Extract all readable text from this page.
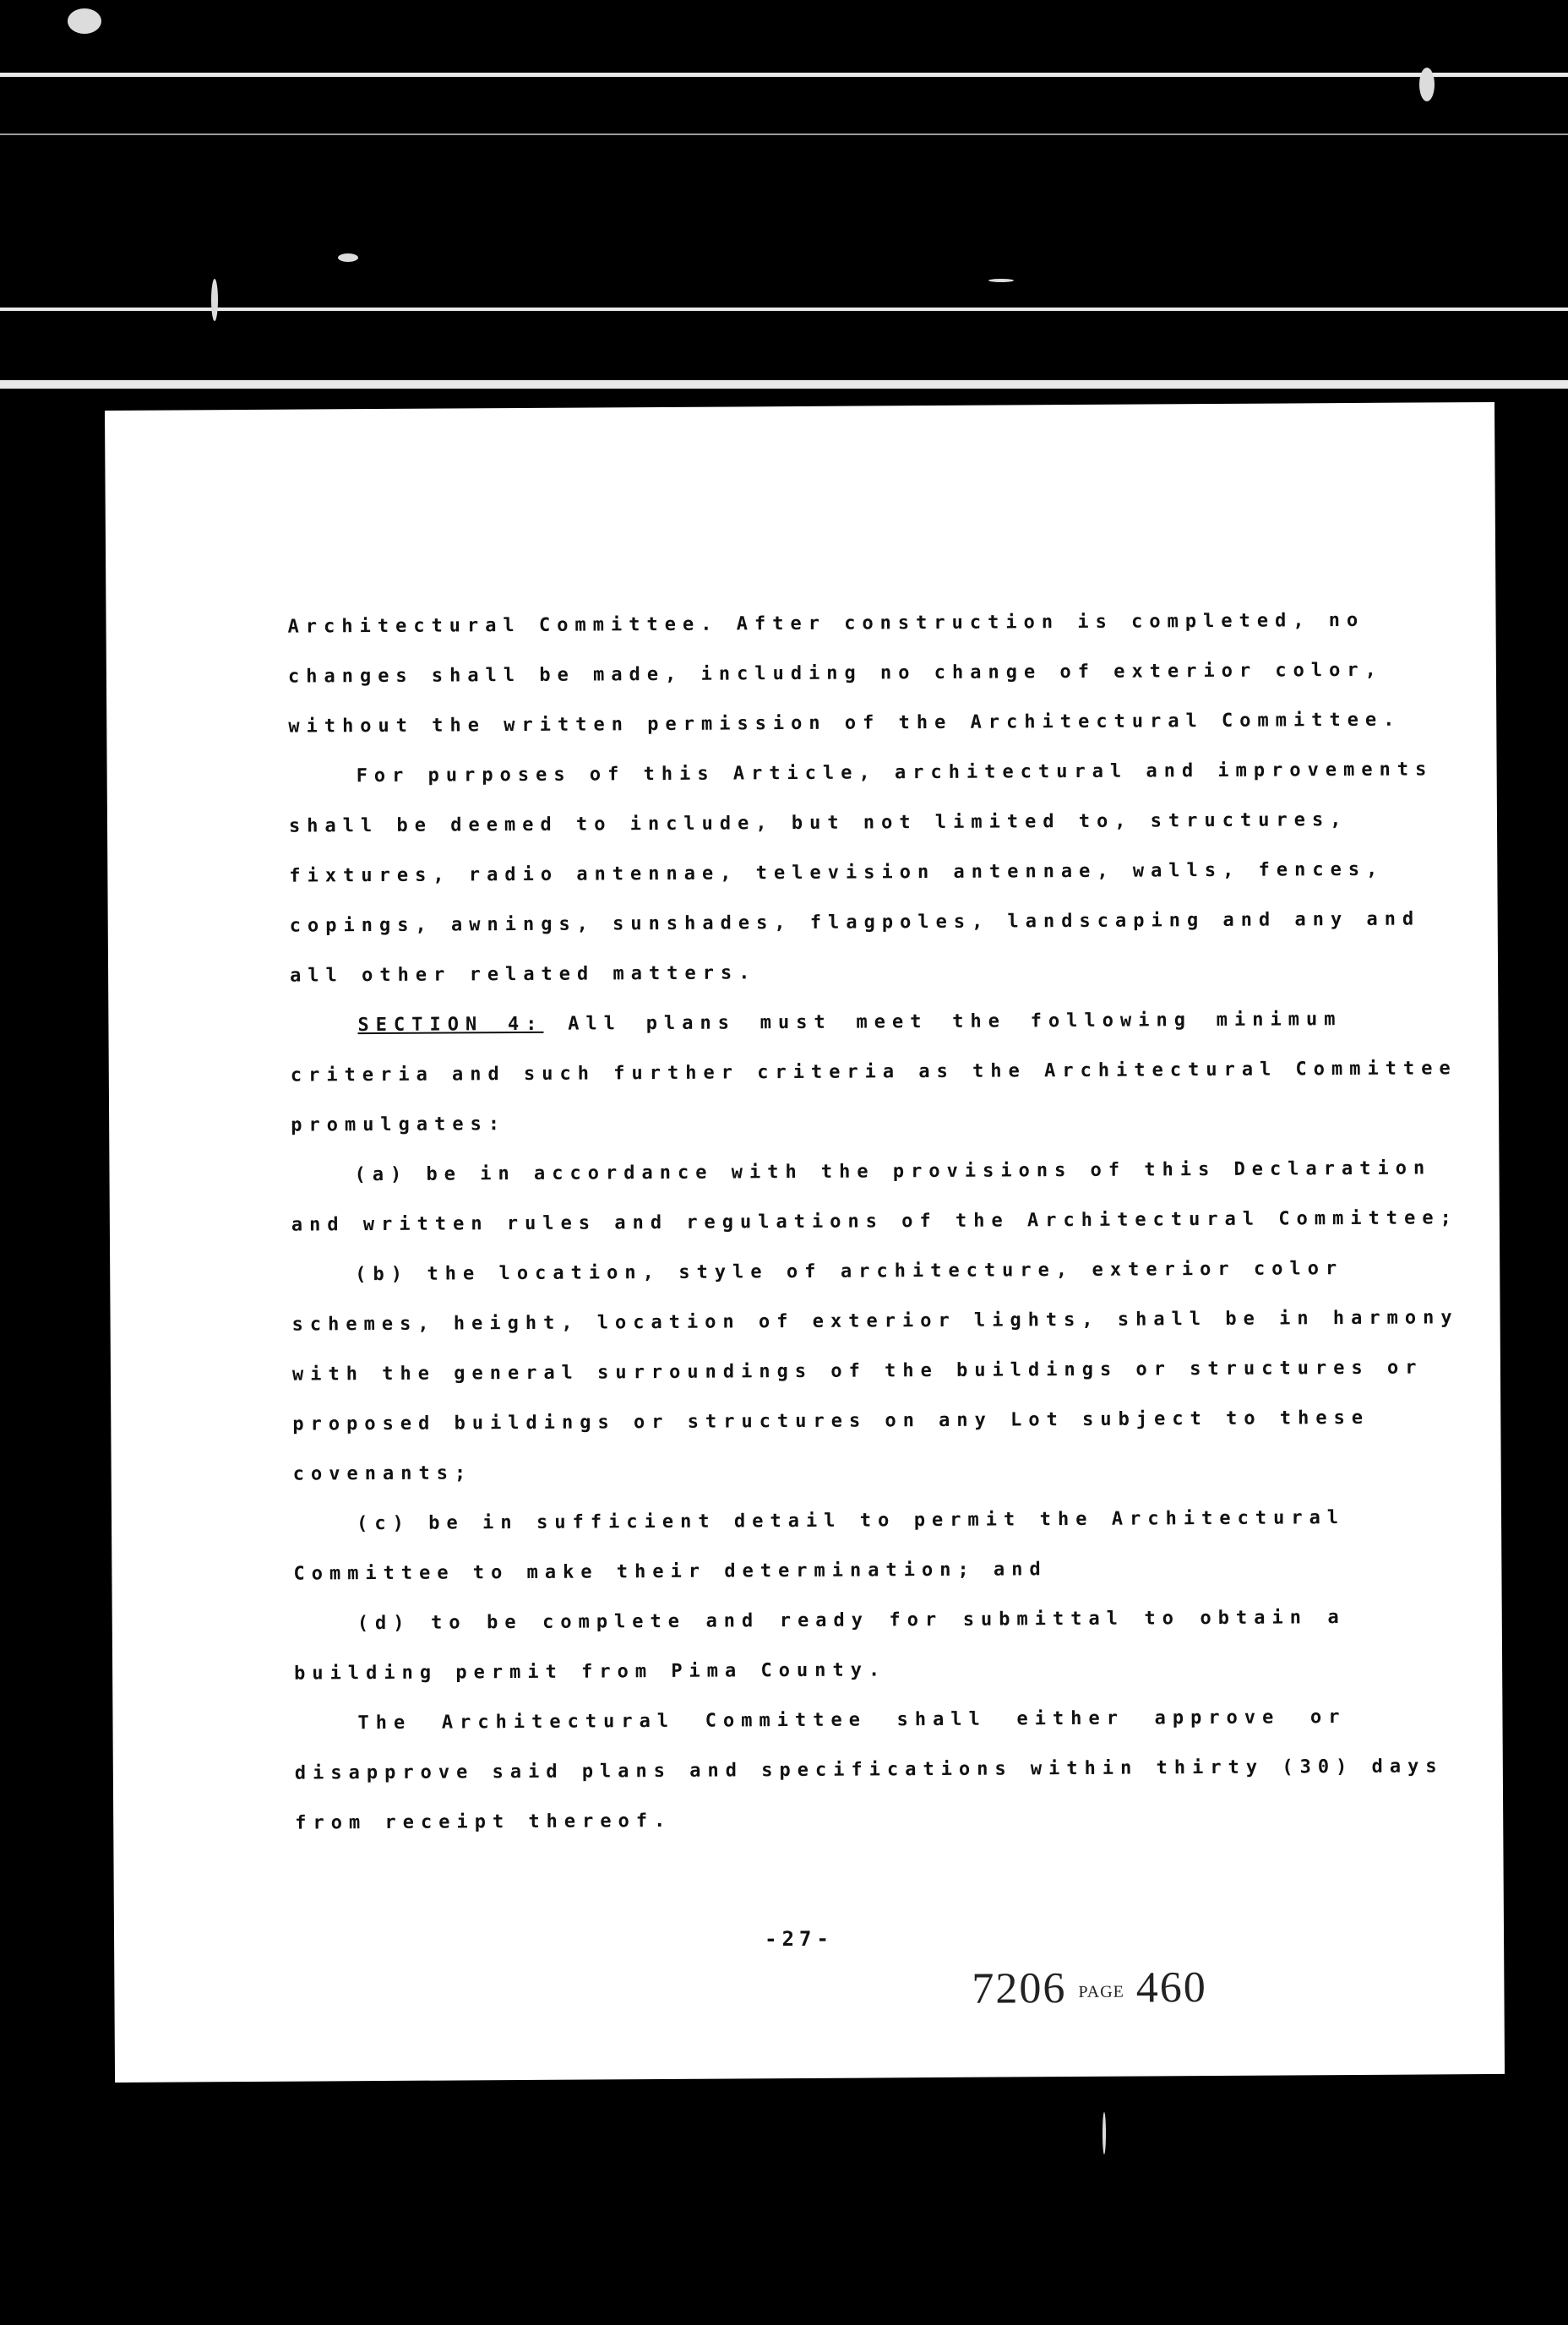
Architectural Committee. After construction is completed, no
changes shall be made, including no change of exterior color,
without the written permission of the Architectural Committee.
For purposes of this Article, architectural and improvements
shall be deemed to include, but not limited to, structures,
fixtures, radio antennae, television antennae, walls, fences,
copings, awnings, sunshades, flagpoles, landscaping and any and
all other related matters.
SECTION 4: All plans must meet the following minimum
criteria and such further criteria as the Architectural Committee
promulgates:
(a) be in accordance with the provisions of this Declaration
and written rules and regulations of the Architectural Committee;
(b) the location, style of architecture, exterior color
schemes, height, location of exterior lights, shall be in harmony
with the general surroundings of the buildings or structures or
proposed buildings or structures on any Lot subject to these
covenants;
(c) be in sufficient detail to permit the Architectural
Committee to make their determination; and
(d) to be complete and ready for submittal to obtain a
building permit from Pima County.
The Architectural Committee shall either approve or
disapprove said plans and specifications within thirty (30) days
from receipt thereof.
-27-
7206 PAGE 460
